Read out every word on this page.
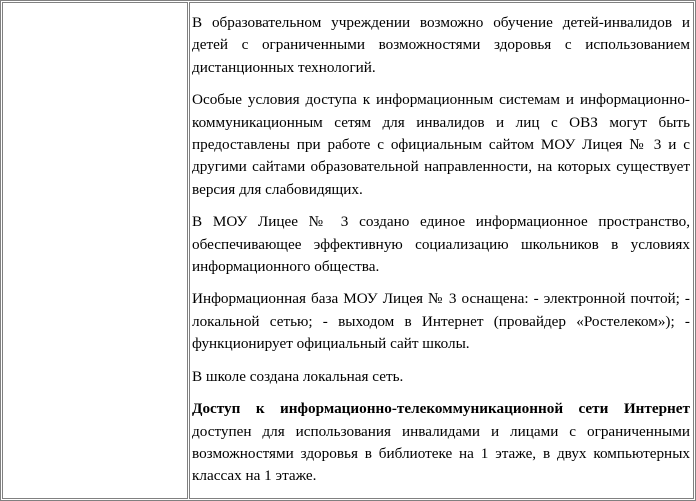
В образовательном учреждении возможно обучение детей-инвалидов и детей с ограниченными возможностями здоровья с использованием дистанционных технологий.

Особые условия доступа к информационным системам и информационно-коммуникационным сетям для инвалидов и лиц с ОВЗ могут быть предоставлены при работе с официальным сайтом МОУ Лицея № 3 и с другими сайтами образовательной направленности, на которых существует версия для слабовидящих.

В МОУ Лицее № 3 создано единое информационное пространство, обеспечивающее эффективную социализацию школьников в условиях информационного общества.

Информационная база МОУ Лицея № 3 оснащена: - электронной почтой; - локальной сетью; - выходом в Интернет (провайдер «Ростелеком»); - функционирует официальный сайт школы.

В школе создана локальная сеть.

Доступ к информационно-телекоммуникационной сети Интернет доступен для использования инвалидами и лицами с ограниченными возможностями здоровья в библиотеке на 1 этаже, в двух компьютерных классах на 1 этаже.
